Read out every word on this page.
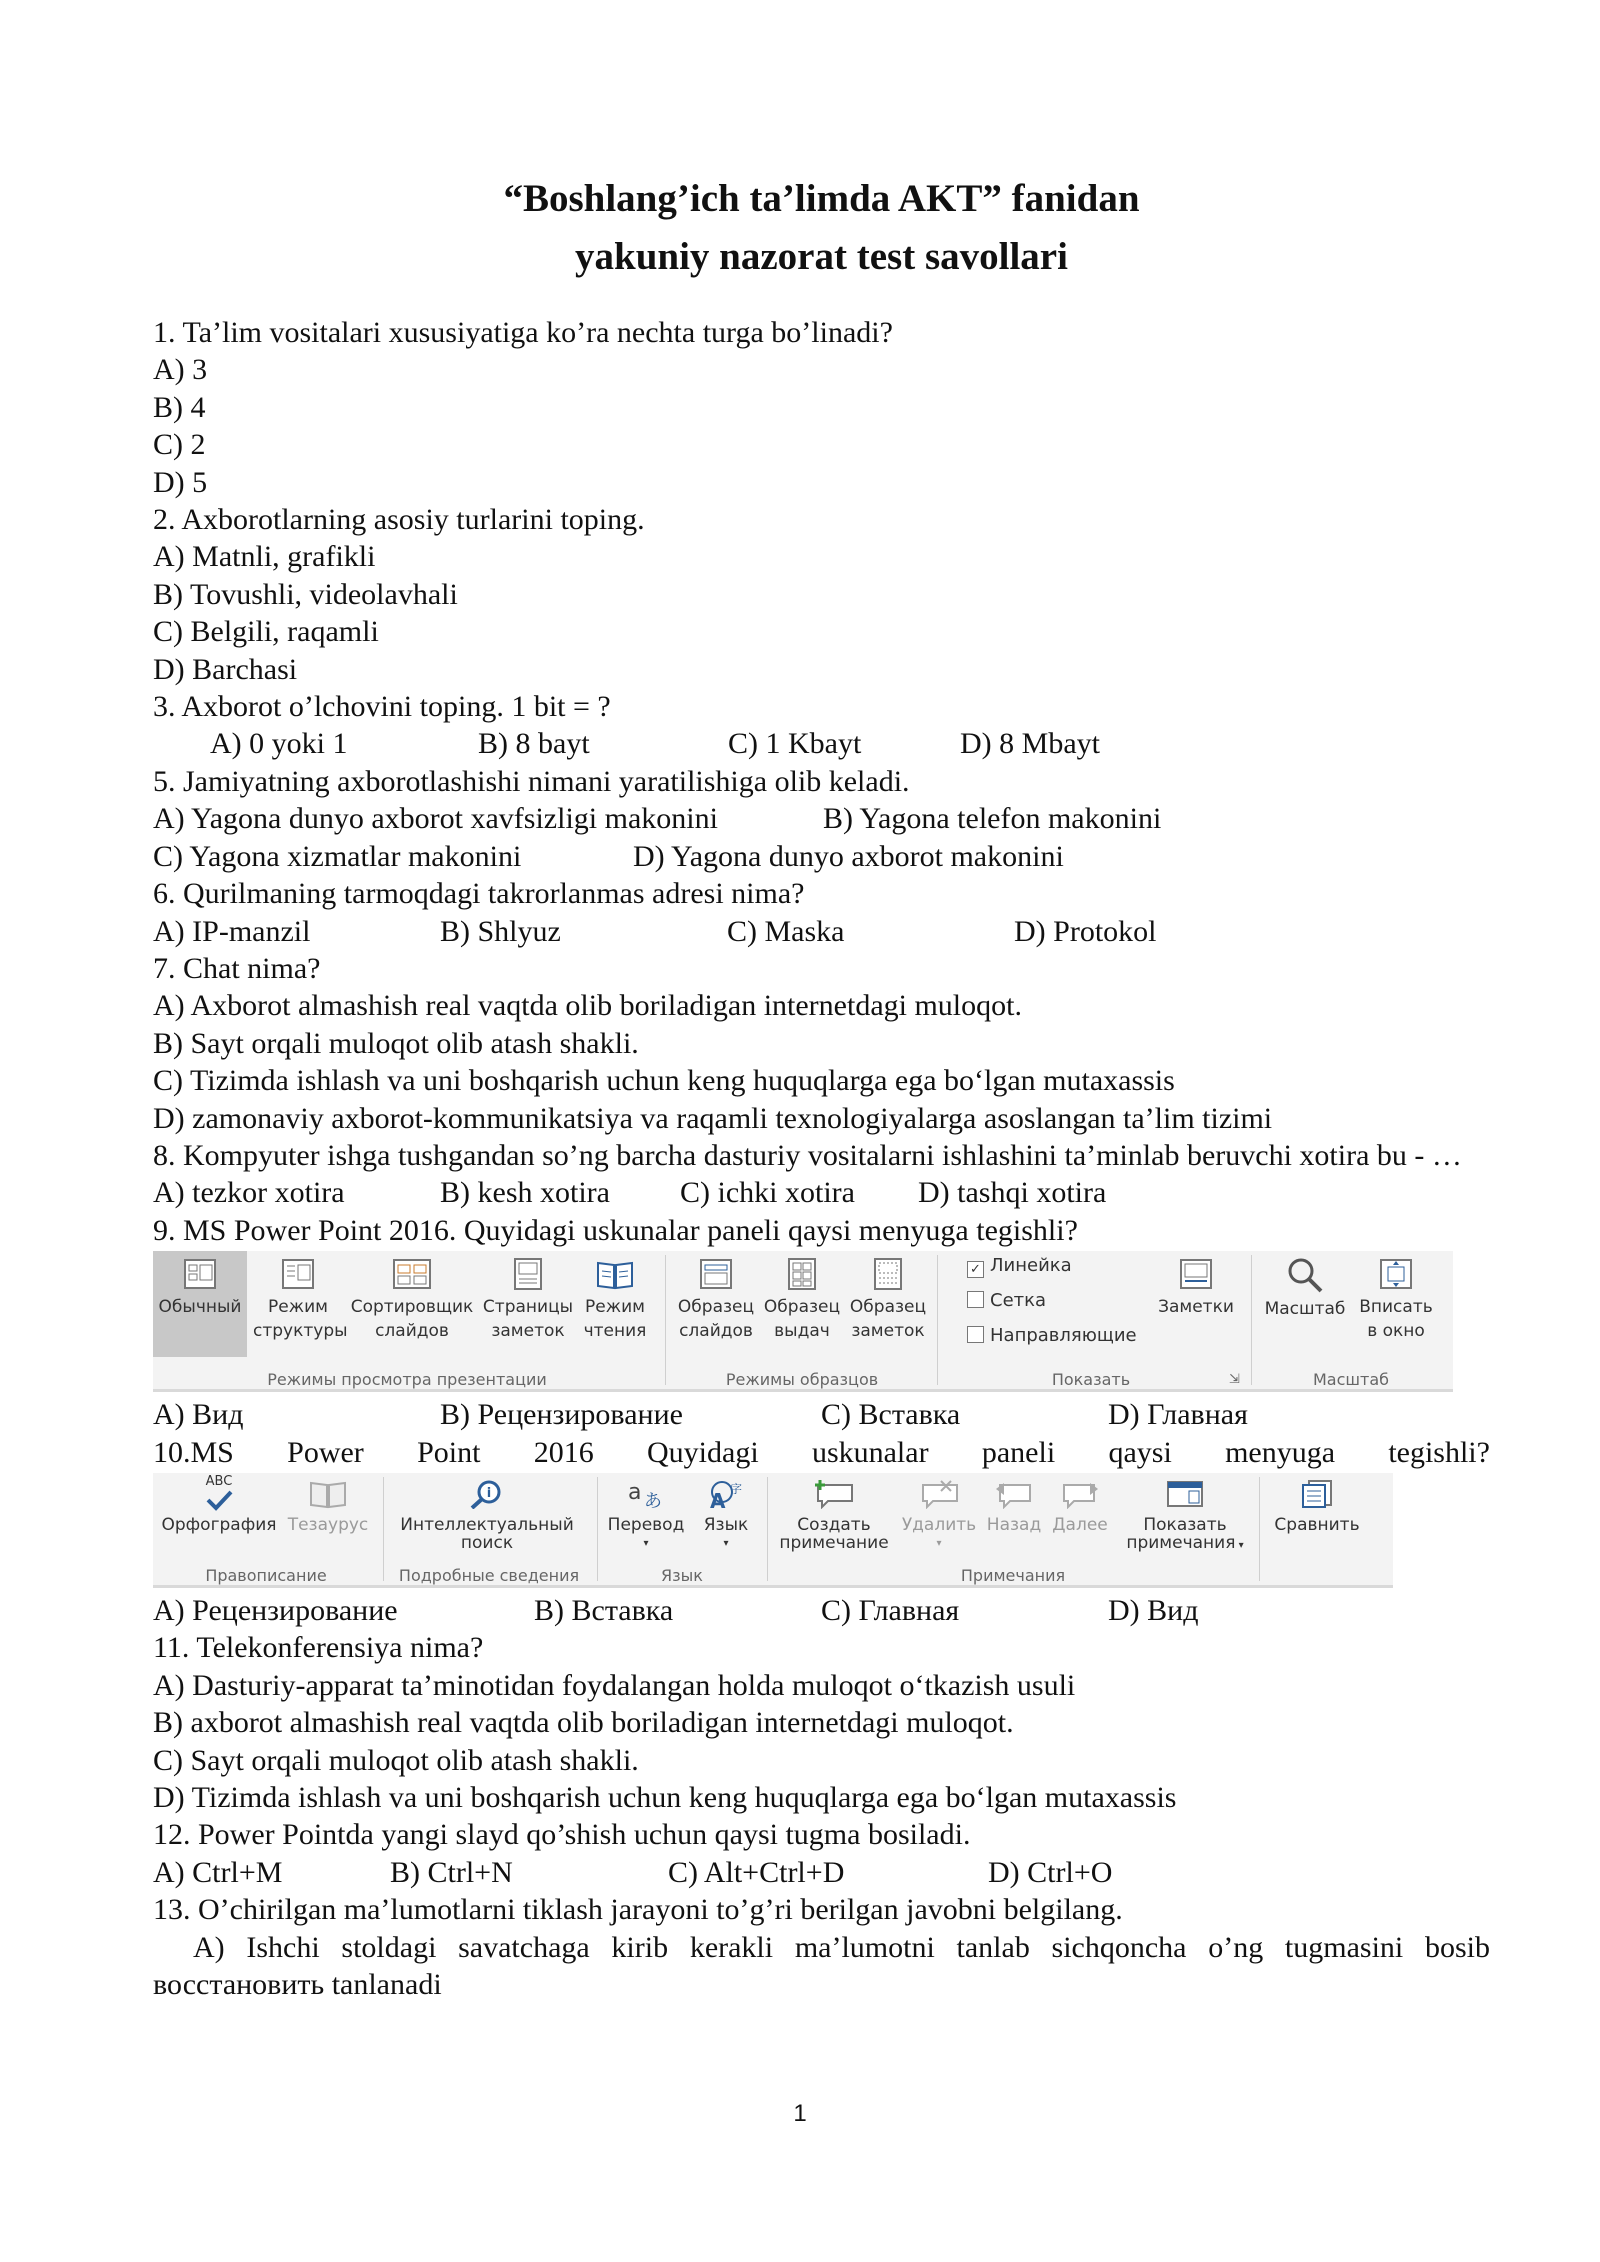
“Boshlang’ich ta’limda AKT” fanidan
yakuniy nazorat test savollari

1. Ta’lim vositalari xususiyatiga ko’ra nechta turga bo’linadi?

A) 3

B) 4

C) 2

D) 5

2. Axborotlarning asosiy turlarini toping.

A) Matnli, grafikli

B) Tovushli, videolavhali

C) Belgili, raqamli

D) Barchasi

3. Axborot o’lchovini toping. 1 bit = ?

A) 0 yoki 1	B) 8 bayt	C) 1 Kbayt	D) 8 Mbayt

5. Jamiyatning axborotlashishi nimani yaratilishiga olib keladi.

A) Yagona dunyo axborot xavfsizligi makonini	B) Yagona telefon makonini

C) Yagona xizmatlar makonini	D) Yagona dunyo axborot makonini

6. Qurilmaning tarmoqdagi takrorlanmas adresi nima?

A) IP-manzil	B) Shlyuz	C) Maska	D) Protokol

7. Chat nima?

A) Axborot almashish real vaqtda olib boriladigan internetdagi muloqot.

B) Sayt orqali muloqot olib atash shakli.

C) Tizimda ishlash va uni boshqarish uchun keng huquqlarga ega bo‘lgan mutaxassis

D) zamonaviy axborot-kommunikatsiya va raqamli texnologiyalarga asoslangan ta’lim tizimi

8. Kompyuter ishga tushgandan so’ng barcha dasturiy vositalarni ishlashini ta’minlab beruvchi xotira bu - …

A) tezkor xotira	B) kesh xotira C) ichki xotira D) tashqi xotira

9. MS Power Point 2016. Quyidagi uskunalar paneli qaysi menyuga tegishli?

Обычный	Режим
структуры
Сортировщик
слайдов
Страницы
заметок
Режим
чтения
Режимы просмотра презентации
Образец
слайдов
Образец
выдач
Образец
заметок
Режимы образцов
✓ Линейка
Сетка
Направляющие
Заметки
Показать	⇲
Масштаб Вписать
в окно
Масштаб

A) Вид	B) Рецензирование	C) Вставка	D) Главная

10.MS Power Point 2016 Quyidagi uskunalar paneli qaysi menyuga tegishli?

ABC
Орфография Тезаурус
Правописание
i
Интеллектуальный
поиск
Подробные сведения
a あ
Перевод
▾
A 字
Язык
▾
Язык
Создать
примечание
Удалить
▾
Назад Далее	Показать
примечания ▾
Примечания
Сравнить

A) Рецензирование	B) Вставка	C) Главная	D) Вид

11. Telekonferensiya nima?

A) Dasturiy-apparat ta’minotidan foydalangan holda muloqot o‘tkazish usuli

B) axborot almashish real vaqtda olib boriladigan internetdagi muloqot.

C) Sayt orqali muloqot olib atash shakli.

D) Tizimda ishlash va uni boshqarish uchun keng huquqlarga ega bo‘lgan mutaxassis

12. Power Pointda yangi slayd qo’shish uchun qaysi tugma bosiladi.

A) Ctrl+M	B) Ctrl+N	C) Alt+Ctrl+D	D) Ctrl+O

13. O’chirilgan ma’lumotlarni tiklash jarayoni to’g’ri berilgan javobni belgilang.

A) Ishchi stoldagi savatchaga kirib kerakli ma’lumotni tanlab sichqoncha o’ng tugmasini bosib восстановить tanlanadi

1
